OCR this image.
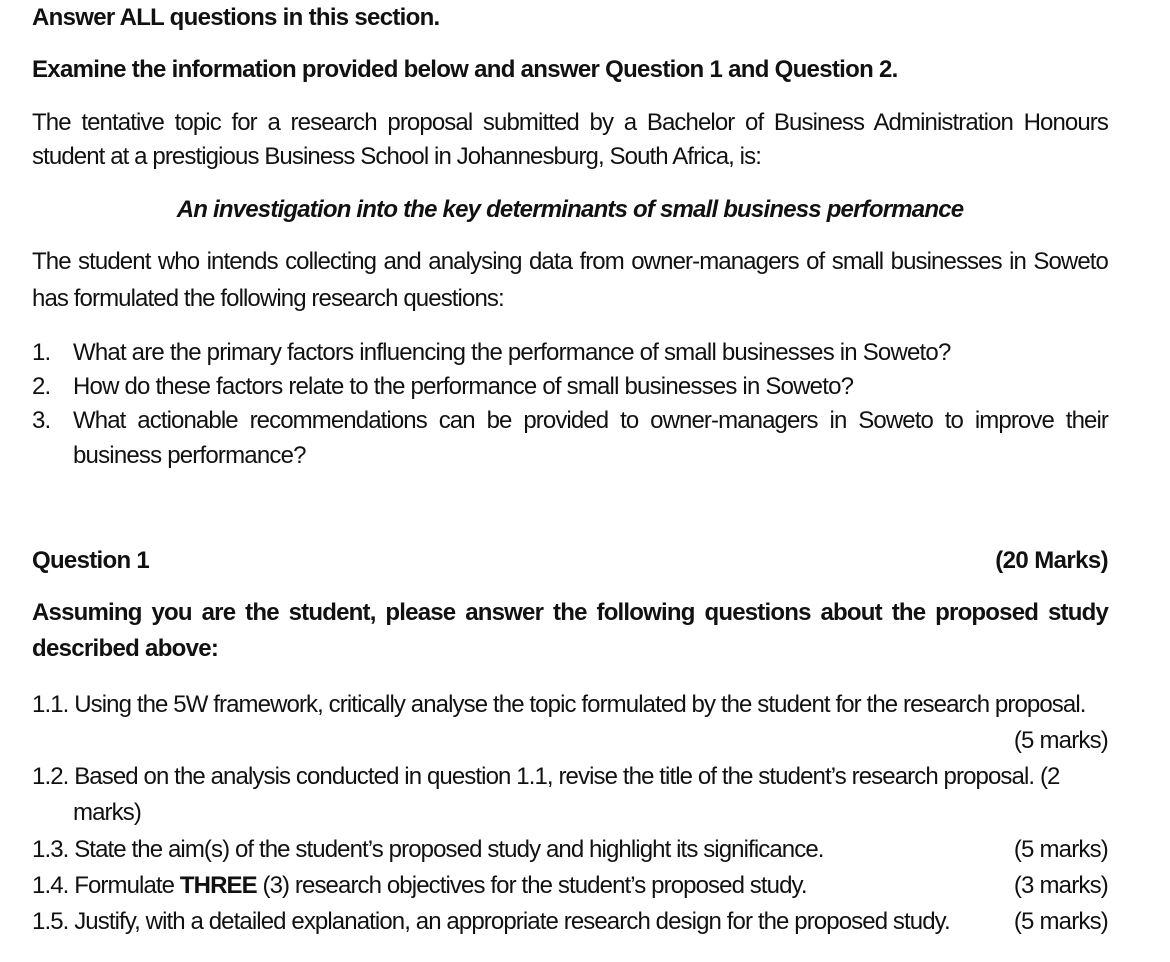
Answer ALL questions in this section.
Examine the information provided below and answer Question 1 and Question 2.
The tentative topic for a research proposal submitted by a Bachelor of Business Administration Honours
student at a prestigious Business School in Johannesburg, South Africa, is:
An investigation into the key determinants of small business performance
The student who intends collecting and analysing data from owner-managers of small businesses in Soweto
has formulated the following research questions:
1. What are the primary factors influencing the performance of small businesses in Soweto?
2. How do these factors relate to the performance of small businesses in Soweto?
3. What actionable recommendations can be provided to owner-managers in Soweto to improve their
business performance?
Question 1	(20 Marks)
Assuming you are the student, please answer the following questions about the proposed study
described above:
1.1. Using the 5W framework, critically analyse the topic formulated by the student for the research proposal.
(5 marks)
1.2. Based on the analysis conducted in question 1.1, revise the title of the student’s research proposal. (2
marks)
1.3. State the aim(s) of the student’s proposed study and highlight its significance.	(5 marks)
1.4. Formulate THREE (3) research objectives for the student’s proposed study.	(3 marks)
1.5. Justify, with a detailed explanation, an appropriate research design for the proposed study.	(5 marks)
